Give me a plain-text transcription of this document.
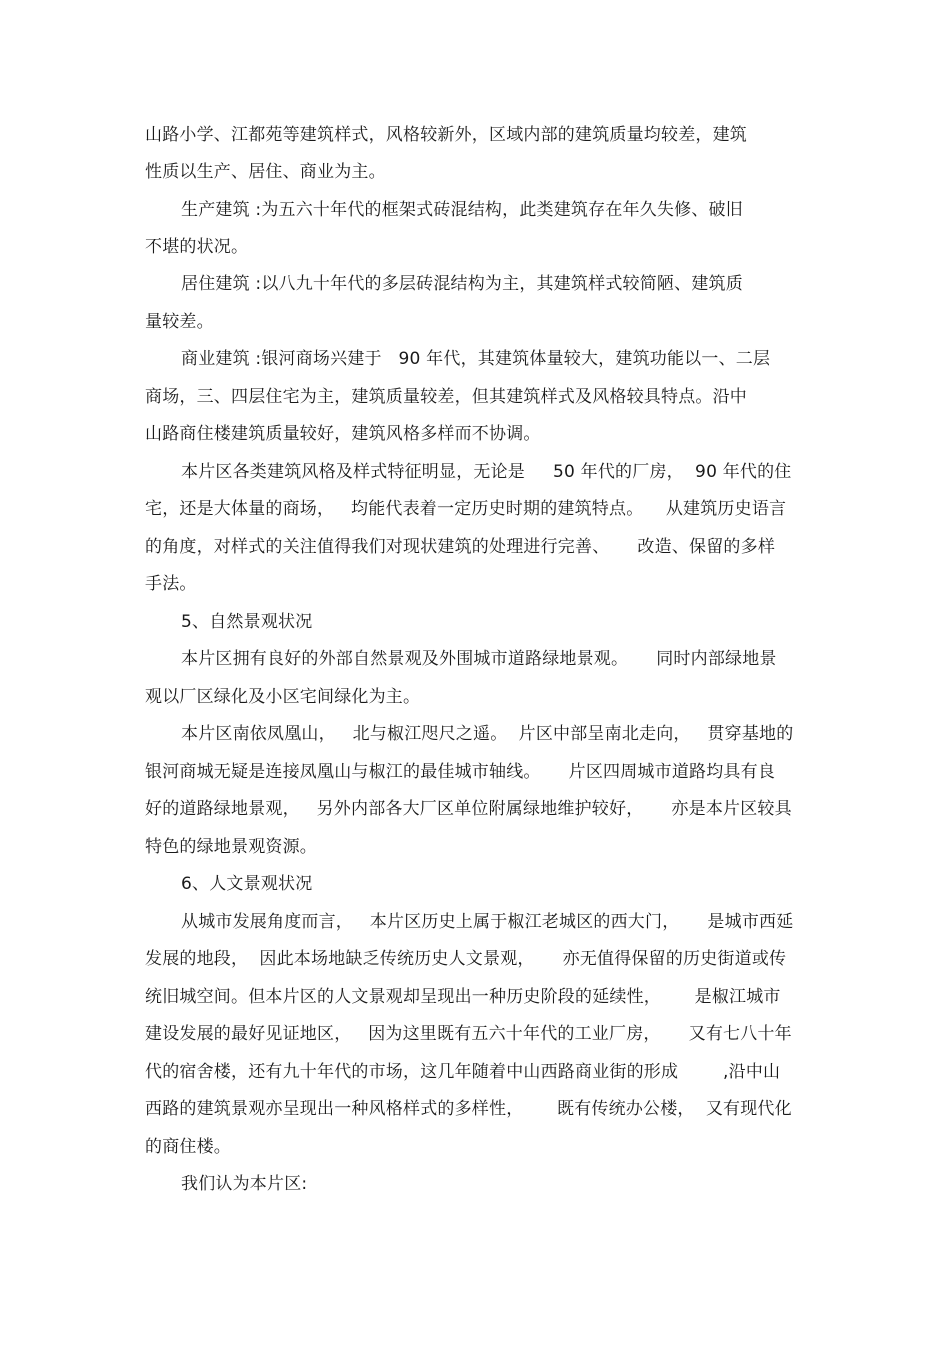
山路小学、江都苑等建筑样式，风格较新外，区域内部的建筑质量均较差，建筑
性质以生产、居住、商业为主。
生产建筑 :为五六十年代的框架式砖混结构，此类建筑存在年久失修、破旧
不堪的状况。
居住建筑 :以八九十年代的多层砖混结构为主，其建筑样式较简陋、建筑质
量较差。
商业建筑 :银河商场兴建于   90 年代，其建筑体量较大，建筑功能以一、二层
商场，三、四层住宅为主，建筑质量较差，但其建筑样式及风格较具特点。沿中
山路商住楼建筑质量较好，建筑风格多样而不协调。
本片区各类建筑风格及样式特征明显，无论是     50 年代的厂房，  90 年代的住
宅，还是大体量的商场，   均能代表着一定历史时期的建筑特点。    从建筑历史语言
的角度，对样式的关注值得我们对现状建筑的处理进行完善、     改造、保留的多样
手法。
5、自然景观状况
本片区拥有良好的外部自然景观及外围城市道路绿地景观。     同时内部绿地景
观以厂区绿化及小区宅间绿化为主。
本片区南依凤凰山，   北与椒江咫尺之遥。  片区中部呈南北走向，   贯穿基地的
银河商城无疑是连接凤凰山与椒江的最佳城市轴线。     片区四周城市道路均具有良
好的道路绿地景观，   另外内部各大厂区单位附属绿地维护较好，     亦是本片区较具
特色的绿地景观资源。
6、人文景观状况
从城市发展角度而言，   本片区历史上属于椒江老城区的西大门，     是城市西延
发展的地段，  因此本场地缺乏传统历史人文景观，     亦无值得保留的历史街道或传
统旧城空间。但本片区的人文景观却呈现出一种历史阶段的延续性，      是椒江城市
建设发展的最好见证地区，   因为这里既有五六十年代的工业厂房，     又有七八十年
代的宿舍楼，还有九十年代的市场，这几年随着中山西路商业街的形成        ,沿中山
西路的建筑景观亦呈现出一种风格样式的多样性，      既有传统办公楼，  又有现代化
的商住楼。
我们认为本片区:
